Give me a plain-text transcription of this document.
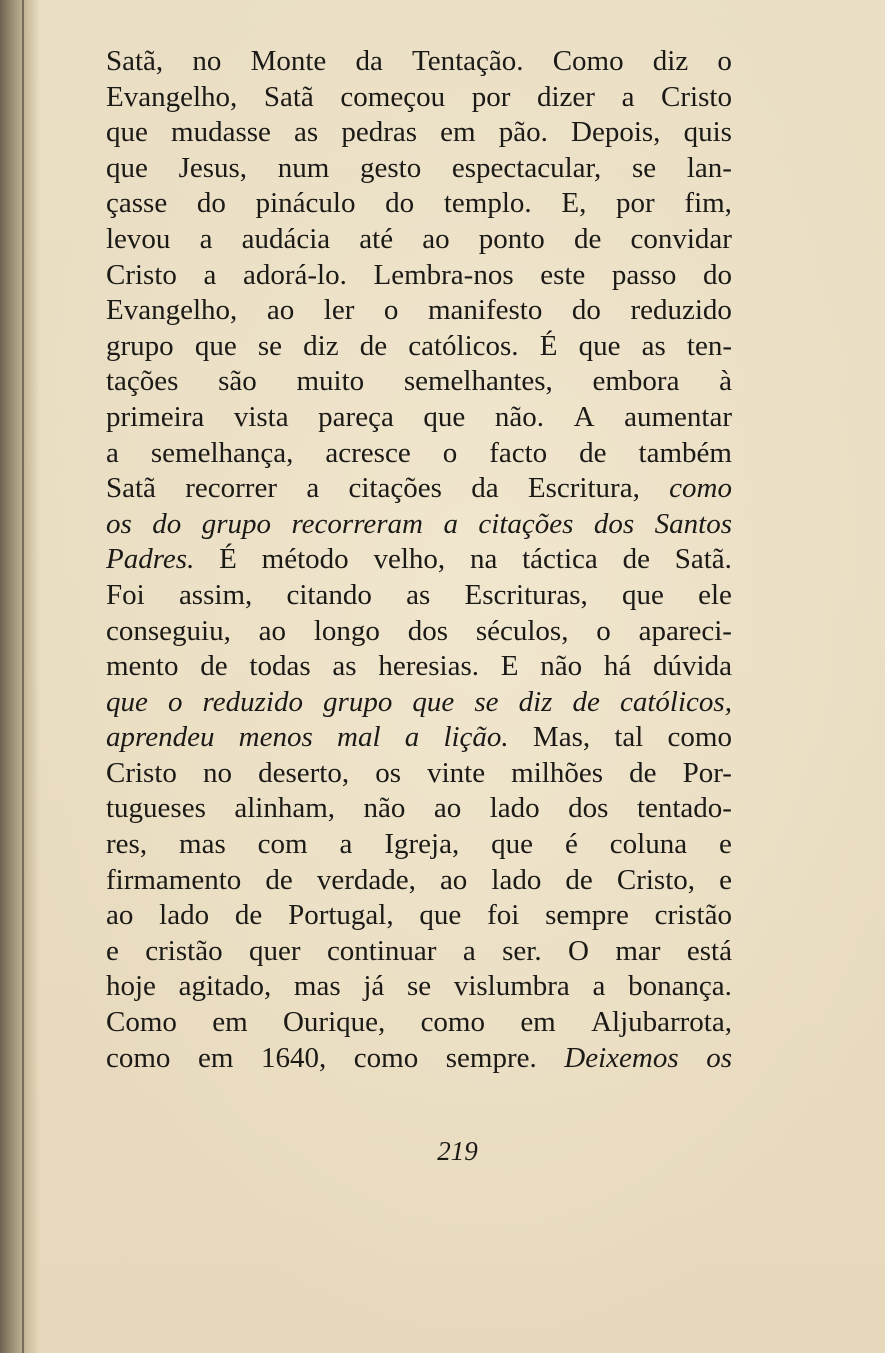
Satã, no Monte da Tentação. Como diz o
Evangelho, Satã começou por dizer a Cristo
que mudasse as pedras em pão. Depois, quis
que Jesus, num gesto espectacular, se lan-
çasse do pináculo do templo. E, por fim,
levou a audácia até ao ponto de convidar
Cristo a adorá-lo. Lembra-nos este passo do
Evangelho, ao ler o manifesto do reduzido
grupo que se diz de católicos. É que as ten-
tações são muito semelhantes, embora à
primeira vista pareça que não. A aumentar
a semelhança, acresce o facto de também
Satã recorrer a citações da Escritura, como
os do grupo recorreram a citações dos Santos
Padres. É método velho, na táctica de Satã.
Foi assim, citando as Escrituras, que ele
conseguiu, ao longo dos séculos, o apareci-
mento de todas as heresias. E não há dúvida
que o reduzido grupo que se diz de católicos,
aprendeu menos mal a lição. Mas, tal como
Cristo no deserto, os vinte milhões de Por-
tugueses alinham, não ao lado dos tentado-
res, mas com a Igreja, que é coluna e
firmamento de verdade, ao lado de Cristo, e
ao lado de Portugal, que foi sempre cristão
e cristão quer continuar a ser. O mar está
hoje agitado, mas já se vislumbra a bonança.
Como em Ourique, como em Aljubarrota,
como em 1640, como sempre. Deixemos os
219
